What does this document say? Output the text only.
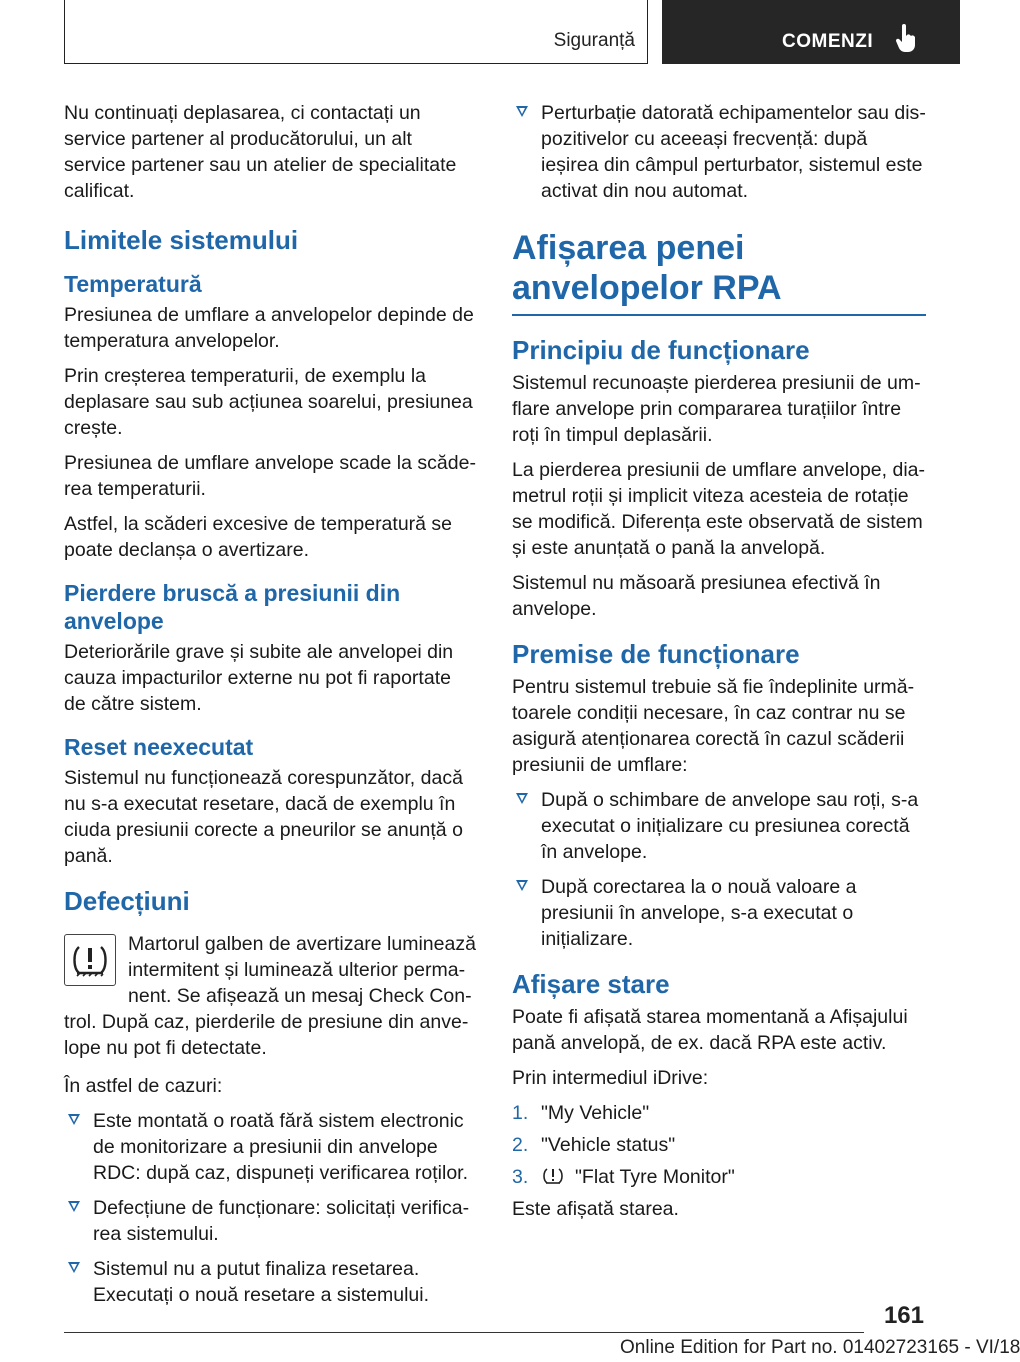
Siguranță	COMENZI

Nu continuați deplasarea, ci contactați un service partener al producătorului, un alt service partener sau un atelier de specialitate calificat.

Limitele sistemului
Temperatură

Presiunea de umflare a anvelopelor depinde de temperatura anvelopelor.

Prin creșterea temperaturii, de exemplu la deplasare sau sub acțiunea soarelui, presiunea crește.

Presiunea de umflare anvelope scade la scăderea temperaturii.

Astfel, la scăderi excesive de temperatură se poate declanșa o avertizare.

Pierdere bruscă a presiunii din anvelope

Deteriorările grave și subite ale anvelopei din cauza impacturilor externe nu pot fi raportate de către sistem.

Reset neexecutat

Sistemul nu funcționează corespunzător, dacă nu s-a executat resetare, dacă de exemplu în ciuda presiunii corecte a pneurilor se anunță o pană.

Defecțiuni

Martorul galben de avertizare luminează intermitent și luminează ulterior permanent. Se afișează un mesaj Check Control. După caz, pierderile de presiune din anvelope nu pot fi detectate.

În astfel de cazuri:

Este montată o roată fără sistem electronic de monitorizare a presiunii din anvelope RDC: după caz, dispuneți verificarea roților.
Defecțiune de funcționare: solicitați verificarea sistemului.
Sistemul nu a putut finaliza resetarea. Executați o nouă resetare a sistemului.
Perturbație datorată echipamentelor sau dispozitivelor cu aceeași frecvență: după ieșirea din câmpul perturbator, sistemul este activat din nou automat.
Afișarea penei anvelopelor RPA
Principiu de funcționare

Sistemul recunoaște pierderea presiunii de umflare anvelope prin compararea turațiilor între roți în timpul deplasării.

La pierderea presiunii de umflare anvelope, diametrul roții și implicit viteza acesteia de rotație se modifică. Diferența este observată de sistem și este anunțată o pană la anvelopă.

Sistemul nu măsoară presiunea efectivă în anvelope.

Premise de funcționare

Pentru sistemul trebuie să fie îndeplinite următoarele condiții necesare, în caz contrar nu se asigură atenționarea corectă în cazul scăderii presiunii de umflare:

După o schimbare de anvelope sau roți, s-a executat o inițializare cu presiunea corectă în anvelope.
După corectarea la o nouă valoare a presiunii în anvelope, s-a executat o inițializare.
Afișare stare

Poate fi afișată starea momentană a Afișajului pană anvelopă, de ex. dacă RPA este activ.

Prin intermediul iDrive:

1. "My Vehicle"
2. "Vehicle status"
3. "Flat Tyre Monitor"

Este afișată starea.

161
Online Edition for Part no. 01402723165 - VI/18
